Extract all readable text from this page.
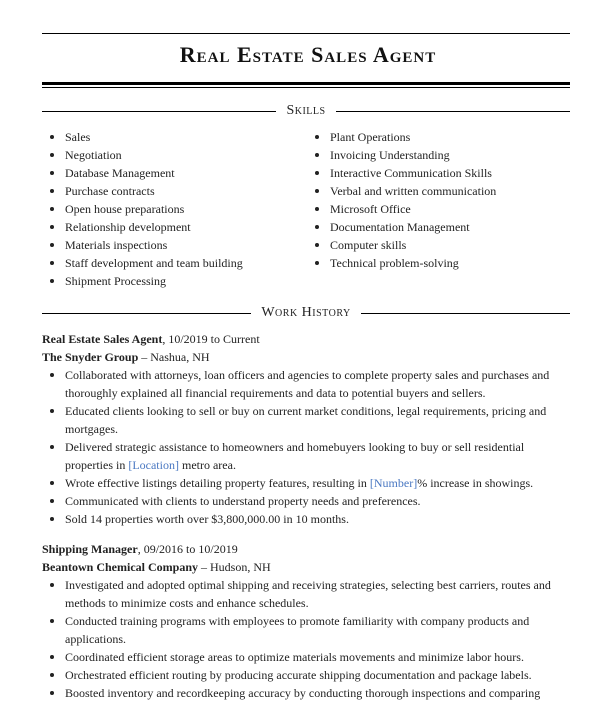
Real Estate Sales Agent
Skills
Sales
Negotiation
Database Management
Purchase contracts
Open house preparations
Relationship development
Materials inspections
Staff development and team building
Shipment Processing
Plant Operations
Invoicing Understanding
Interactive Communication Skills
Verbal and written communication
Microsoft Office
Documentation Management
Computer skills
Technical problem-solving
Work History
Real Estate Sales Agent, 10/2019 to Current
The Snyder Group – Nashua, NH
Collaborated with attorneys, loan officers and agencies to complete property sales and purchases and thoroughly explained all financial requirements and data to potential buyers and sellers.
Educated clients looking to sell or buy on current market conditions, legal requirements, pricing and mortgages.
Delivered strategic assistance to homeowners and homebuyers looking to buy or sell residential properties in [Location] metro area.
Wrote effective listings detailing property features, resulting in [Number]% increase in showings.
Communicated with clients to understand property needs and preferences.
Sold 14 properties worth over $3,800,000.00 in 10 months.
Shipping Manager, 09/2016 to 10/2019
Beantown Chemical Company – Hudson, NH
Investigated and adopted optimal shipping and receiving strategies, selecting best carriers, routes and methods to minimize costs and enhance schedules.
Conducted training programs with employees to promote familiarity with company products and applications.
Coordinated efficient storage areas to optimize materials movements and minimize labor hours.
Orchestrated efficient routing by producing accurate shipping documentation and package labels.
Boosted inventory and recordkeeping accuracy by conducting thorough inspections and comparing
